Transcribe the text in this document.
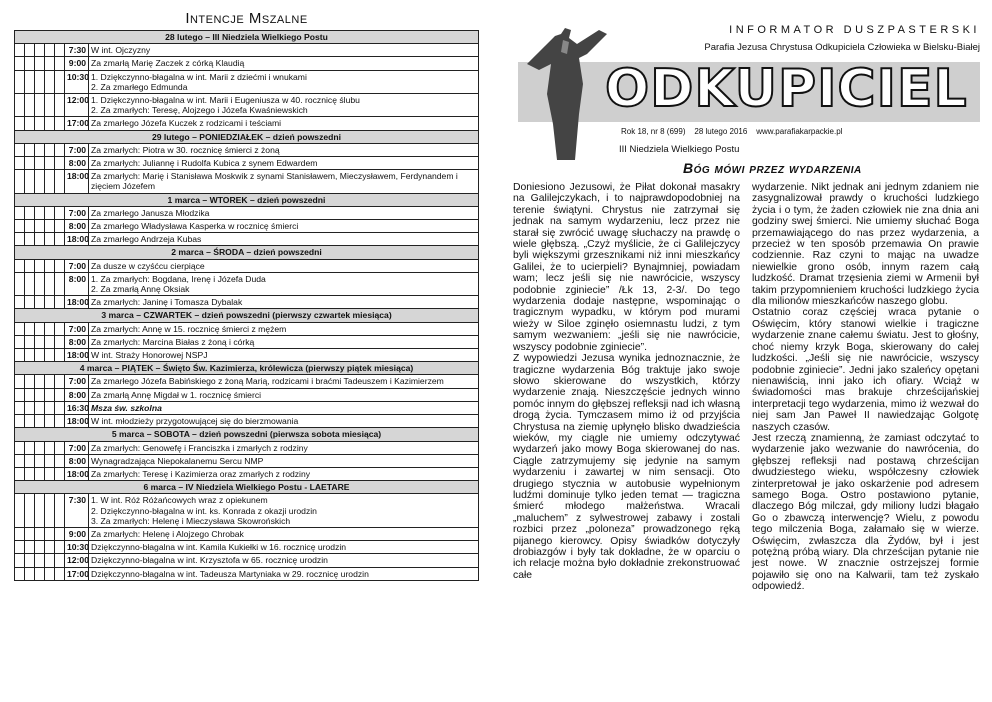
Intencje Mszalne
28 lutego – III Niedziela Wielkiego Postu						
					7:30	W int. Ojczyzny

					9:00	Za zmarłą Marię Zaczek z córką Klaudią

					10:30	1. Dziękczynno-błagalna w int. Marii z dziećmi i wnukami
2. Za zmarłego Edmunda

					12:00	1. Dziękczynno-błagalna w int. Marii i Eugeniusza w 40. rocznicę ślubu
2. Za zmarłych: Teresę, Alojzego i Józefa Kwaśniewskich

					17:00	Za zmarłego Józefa Kuczek z rodzicami i teściami

29 lutego – PONIEDZIAŁEK – dzień powszedni						
					7:00	Za zmarłych: Piotra w 30. rocznicę śmierci z żoną

					8:00	Za zmarłych: Juliannę i Rudolfa Kubica z synem Edwardem

					18:00	Za zmarłych: Marię i Stanisława Moskwik z synami Stanisławem, Mieczysławem, Ferdynandem i zięciem Józefem

1 marca – WTOREK – dzień powszedni						
					7:00	Za zmarłego Janusza Młodzika

					8:00	Za zmarłego Władysława Kasperka w rocznicę śmierci

					18:00	Za zmarłego Andrzeja Kubas

2 marca – ŚRODA – dzień powszedni						
					7:00	Za dusze w czyśćcu cierpiące

					8:00	1. Za zmarłych: Bogdana, Irenę i Józefa Duda
2. Za zmarłą Annę Oksiak

					18:00	Za zmarłych: Janinę i Tomasza Dybalak

3 marca – CZWARTEK – dzień powszedni (pierwszy czwartek miesiąca)						
					7:00	Za zmarłych: Annę w 15. rocznicę śmierci z mężem

					8:00	Za zmarłych: Marcina Białas z żoną i córką

					18:00	W int. Straży Honorowej NSPJ

4 marca – PIĄTEK – Święto Św. Kazimierza, królewicza (pierwszy piątek miesiąca)						
					7:00	Za zmarłego Józefa Babińskiego z żoną Marią, rodzicami i braćmi Tadeuszem i Kazimierzem

					8:00	Za zmarłą Annę Migdał w 1. rocznicę śmierci

					16:30	Msza św. szkolna

					18:00	W int. młodzieży przygotowującej się do bierzmowania

5 marca – SOBOTA – dzień powszedni (pierwsza sobota miesiąca)						
					7:00	Za zmarłych: Genowefę i Franciszka i zmarłych z rodziny

					8:00	Wynagradzająca Niepokalanemu Sercu NMP

					18:00	Za zmarłych: Teresę i Kazimierza oraz zmarłych z rodziny

6 marca – IV Niedziela Wielkiego Postu - LAETARE						
					7:30	1. W int. Róż Różańcowych wraz z opiekunem
2. Dziękczynno-błagalna w int. ks. Konrada z okazji urodzin
3. Za zmarłych: Helenę i Mieczysława Skowrońskich

					9:00	Za zmarłych: Helenę i Alojzego Chrobak

					10:30	Dziękczynno-błagalna w int. Kamila Kukiełki w 16. rocznicę urodzin

					12:00	Dziękczynno-błagalna w int. Krzysztofa w 65. rocznicę urodzin

					17:00	Dziękczynno-błagalna w int. Tadeusza Martyniaka w 29. rocznicę urodzin
INFORMATOR DUSZPASTERSKI
Parafia Jezusa Chrystusa Odkupiciela Człowieka w Bielsku-Białej
ODKUPICIEL
Rok 18, nr 8 (699)    28 lutego 2016    www.parafiakarpackie.pl
III Niedziela Wielkiego Postu
Bóg mówi przez wydarzenia

Doniesiono Jezusowi, że Piłat dokonał masakry na Galilejczykach, i to najprawdopodobniej na terenie świątyni. Chrystus nie zatrzymał się jednak na samym wydarzeniu, lecz przez nie starał się zwrócić uwagę słuchaczy na prawdę o wiele głębszą. „Czyż myślicie, że ci Galilejczycy byli większymi grzesznikami niż inni mieszkańcy Galilei, że to ucierpieli? Bynajmniej, powiadam wam; lecz jeśli się nie nawrócicie, wszyscy podobnie zginiecie” /Łk 13, 2-3/. Do tego wydarzenia dodaje następne, wspominając o tragicznym wypadku, w którym pod murami wieży w Siloe zginęło osiemnastu ludzi, z tym samym wezwaniem: „jeśli się nie nawrócicie, wszyscy podobnie zginiecie”.

Z wypowiedzi Jezusa wynika jednoznacznie, że tragiczne wydarzenia Bóg traktuje jako swoje słowo skierowane do wszystkich, którzy wydarzenie znają. Nieszczęście jednych winno pomóc innym do głębszej refleksji nad ich własną drogą życia. Tymczasem mimo iż od przyjścia Chrystusa na ziemię upłynęło blisko dwadzieścia wieków, my ciągle nie umiemy odczytywać wydarzeń jako mowy Boga skierowanej do nas. Ciągle zatrzymujemy się jedynie na samym wydarzeniu i zawartej w nim sensacji. Oto drugiego stycznia w autobusie wypełnionym ludźmi dominuje tylko jeden temat — tragiczna śmierć młodego małżeństwa. Wracali „maluchem” z sylwestrowej zabawy i zostali rozbici przez „poloneza” prowadzonego ręką pijanego kierowcy. Opisy świadków dotyczyły drobiazgów i były tak dokładne, że w oparciu o ich relacje można było dokładnie zrekonstruować całe

wydarzenie. Nikt jednak ani jednym zdaniem nie zasygnalizował prawdy o kruchości ludzkiego życia i o tym, że żaden człowiek nie zna dnia ani godziny swej śmierci. Nie umiemy słuchać Boga przemawiającego do nas przez wydarzenia, a przecież w ten sposób przemawia On prawie codziennie. Raz czyni to mając na uwadze niewielkie grono osób, innym razem całą ludzkość. Dramat trzęsienia ziemi w Armenii był takim przypomnieniem kruchości ludzkiego życia dla milionów mieszkańców naszego globu.

Ostatnio coraz częściej wraca pytanie o Oświęcim, który stanowi wielkie i tragiczne wydarzenie znane całemu światu. Jest to głośny, choć niemy krzyk Boga, skierowany do całej ludzkości. „Jeśli się nie nawrócicie, wszyscy podobnie zginiecie”. Jedni jako szaleńcy opętani nienawiścią, inni jako ich ofiary. Wciąż w świadomości mas brakuje chrześcijańskiej interpretacji tego wydarzenia, mimo iż wezwał do niej sam Jan Paweł II nawiedzając Golgotę naszych czasów.

Jest rzeczą znamienną, że zamiast odczytać to wydarzenie jako wezwanie do nawrócenia, do głębszej refleksji nad postawą chrześcijan dwudziestego wieku, współczesny człowiek zinterpretował je jako oskarżenie pod adresem samego Boga. Ostro postawiono pytanie, dlaczego Bóg milczał, gdy miliony ludzi błagało Go o zbawczą interwencję? Wielu, z powodu tego milczenia Boga, załamało się w wierze. Oświęcim, zwłaszcza dla Żydów, był i jest potężną próbą wiary. Dla chrześcijan pytanie nie jest nowe. W znacznie ostrzejszej formie pojawiło się ono na Kalwarii, tam też zyskało odpowiedź.
